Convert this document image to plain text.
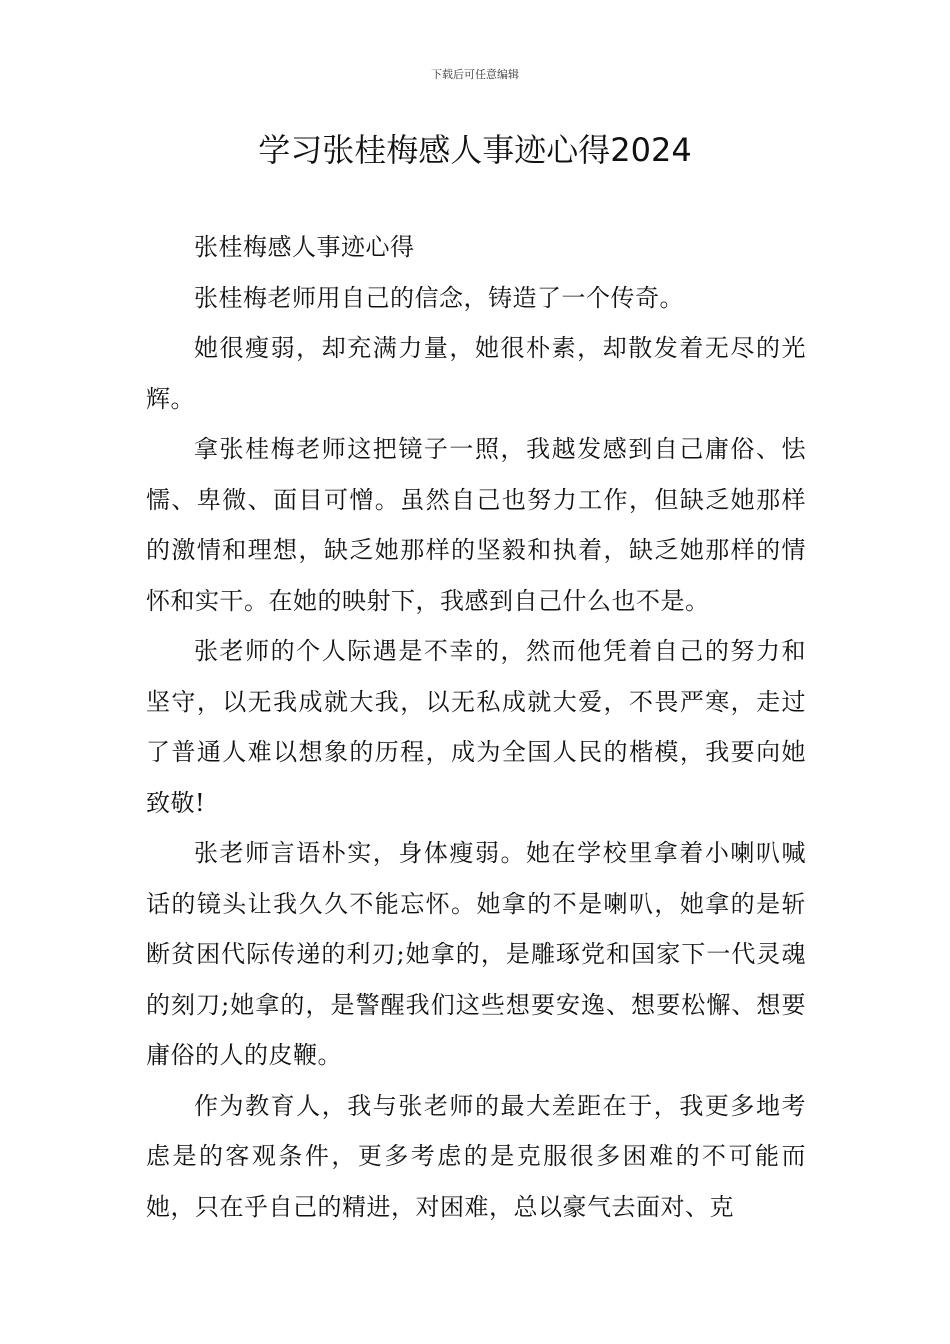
下载后可任意编辑
学习张桂梅感人事迹心得2024

张桂梅感人事迹心得

张桂梅老师用自己的信念，铸造了一个传奇。

她很瘦弱，却充满力量，她很朴素，却散发着无尽的光辉。

拿张桂梅老师这把镜子一照，我越发感到自己庸俗、怯懦、卑微、面目可憎。虽然自己也努力工作，但缺乏她那样的激情和理想，缺乏她那样的坚毅和执着，缺乏她那样的情怀和实干。在她的映射下，我感到自己什么也不是。

张老师的个人际遇是不幸的，然而他凭着自己的努力和坚守，以无我成就大我，以无私成就大爱，不畏严寒，走过了普通人难以想象的历程，成为全国人民的楷模，我要向她致敬!

张老师言语朴实，身体瘦弱。她在学校里拿着小喇叭喊话的镜头让我久久不能忘怀。她拿的不是喇叭，她拿的是斩断贫困代际传递的利刃;她拿的，是雕琢党和国家下一代灵魂的刻刀;她拿的，是警醒我们这些想要安逸、想要松懈、想要庸俗的人的皮鞭。

作为教育人，我与张老师的最大差距在于，我更多地考虑是的客观条件，更多考虑的是克服很多困难的不可能而她，只在乎自己的精进，对困难，总以豪气去面对、克
